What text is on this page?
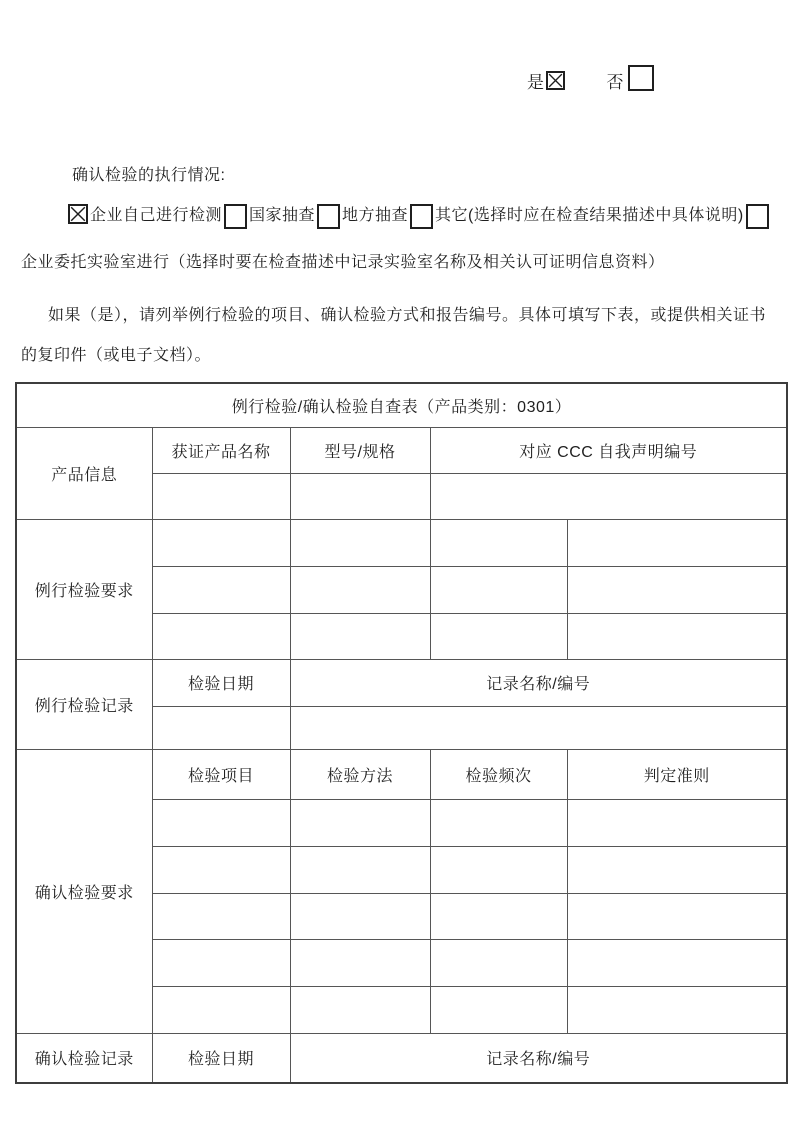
是	否
确认检验的执行情况:
企业自己进行检测 国家抽查 地方抽查 其它(选择时应在检查结果描述中具体说明)
企业委托实验室进行（选择时要在检查描述中记录实验室名称及相关认可证明信息资料）
如果（是），请列举例行检验的项目、确认检验方式和报告编号。具体可填写下表，或提供相关证书
的复印件（或电子文档）。
例行检验/确认检验自查表（产品类别：0301）				
产品信息	获证产品名称	型号/规格	对应 CCC 自我声明编号	

例行检验要求				

例行检验记录	检验日期	记录名称/编号		

确认检验要求	检验项目	检验方法	检验频次	判定准则

确认检验记录	检验日期	记录名称/编号		
